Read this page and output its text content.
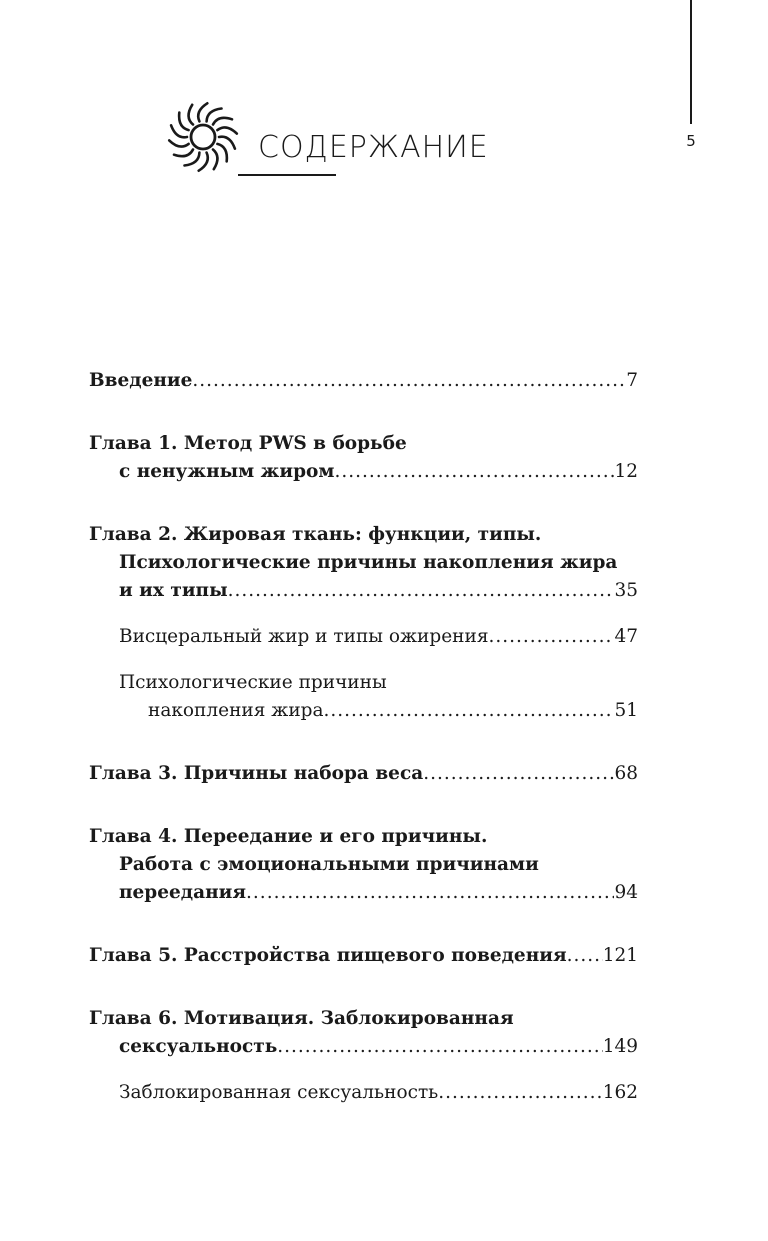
5
СОДЕРЖАНИЕ
Введение .....	7
Глава 1. Метод PWS в борьбе
с ненужным жиром .....	12
Глава 2. Жировая ткань: функции, типы.
Психологические причины накопления жира
и их типы .....	35
Висцеральный жир и типы ожирения .....	47
Психологические причины
накопления жира .....	51
Глава 3. Причины набора веса .....	68
Глава 4. Переедание и его причины.
Работа с эмоциональными причинами
переедания .....	94
Глава 5. Расстройства пищевого поведения ..... 121
Глава 6. Мотивация. Заблокированная
сексуальность .....	149
Заблокированная сексуальность .....	162
